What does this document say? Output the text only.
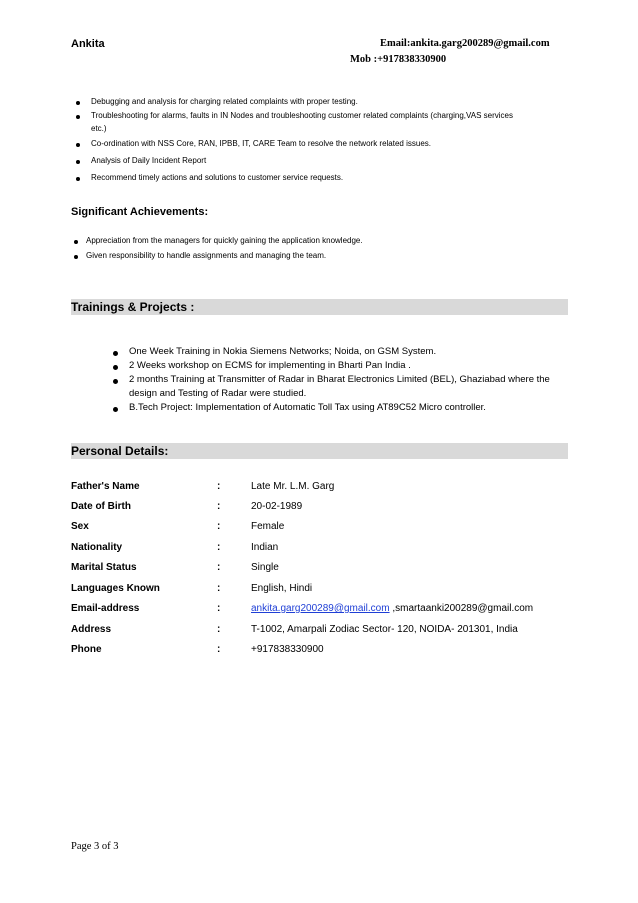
Ankita	Email:ankita.garg200289@gmail.com
Mob :+917838330900
Debugging and analysis for charging related complaints with proper testing.
Troubleshooting for alarms, faults in IN Nodes and troubleshooting customer related complaints (charging,VAS services
etc.)
Co-ordination with NSS Core, RAN, IPBB, IT, CARE Team to resolve the network related issues.
Analysis of Daily Incident Report
Recommend timely actions and solutions to customer service requests.
Significant Achievements:
Appreciation from the managers for quickly gaining the application knowledge.
Given responsibility to handle assignments and managing the team.
Trainings & Projects :
One Week Training in Nokia Siemens Networks; Noida, on GSM System.
2 Weeks workshop on ECMS for implementing in Bharti Pan India .
2 months Training at Transmitter of Radar in Bharat Electronics Limited (BEL), Ghaziabad where the
design and Testing of Radar were studied.
B.Tech Project: Implementation of Automatic Toll Tax using AT89C52 Micro controller.
Personal Details:
Father's Name	:	Late Mr. L.M. Garg
Date of Birth	:	20-02-1989
Sex	:	Female
Nationality	:	Indian
Marital Status	:	Single
Languages Known	:	English, Hindi
Email-address	:	ankita.garg200289@gmail.com ,smartaanki200289@gmail.com
Address	:	T-1002, Amarpali Zodiac Sector- 120, NOIDA- 201301, India
Phone	:	+917838330900
Page 3 of 3
